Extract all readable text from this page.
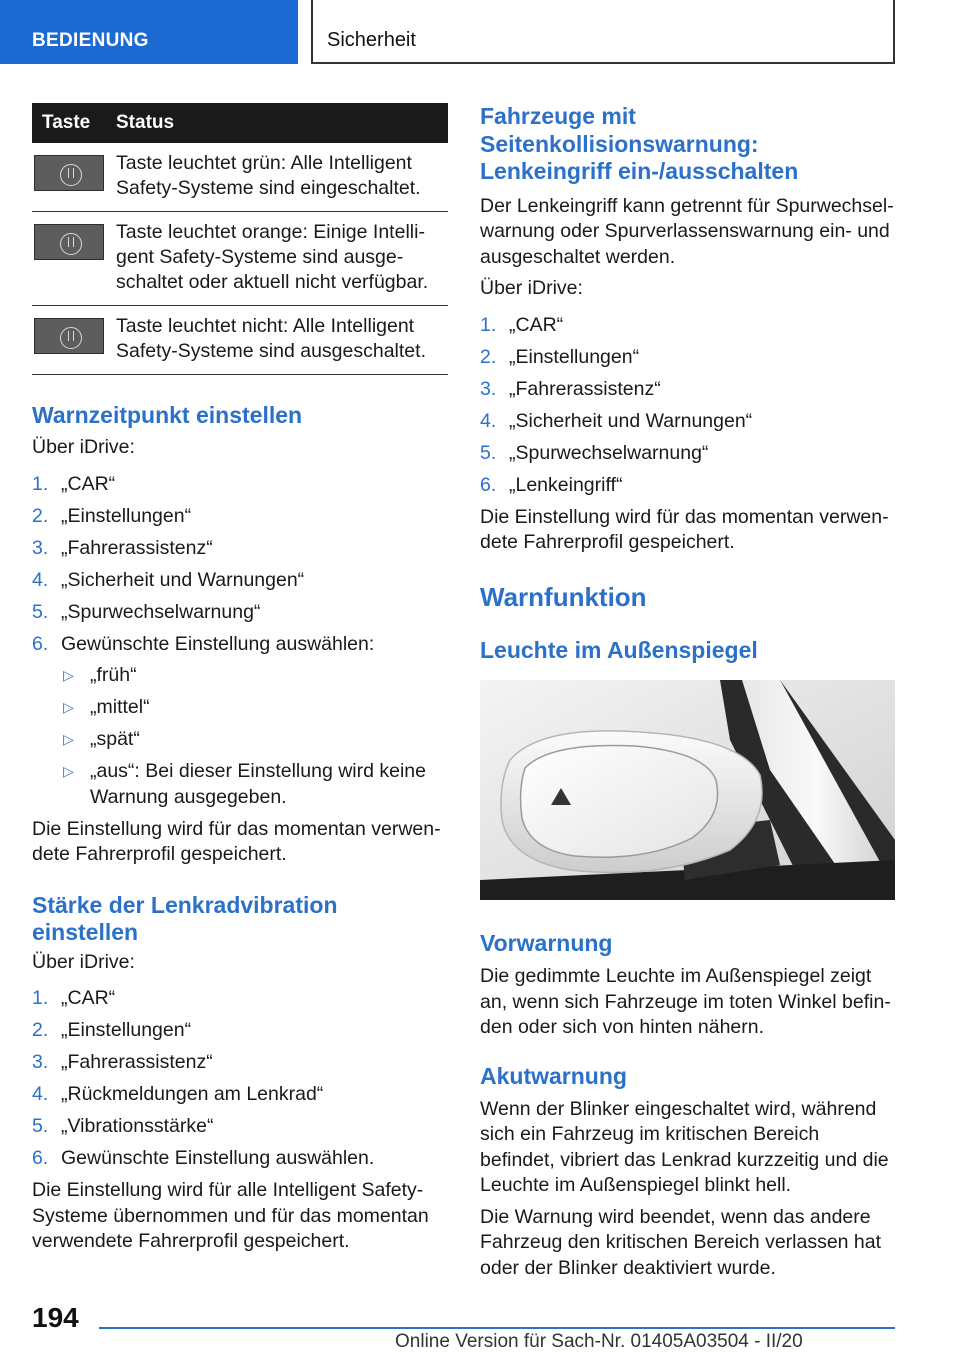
BEDIENUNG	Sicherheit
Taste	Status

	Taste leuchtet grün: Alle Intelligent Safety-Systeme sind eingeschaltet.

	Taste leuchtet orange: Einige Intelli-gent Safety-Systeme sind ausge-schaltet oder aktuell nicht verfügbar.

	Taste leuchtet nicht: Alle Intelligent Safety-Systeme sind ausgeschaltet.
Warnzeitpunkt einstellen

Über iDrive:

1. „CAR“
2. „Einstellungen“
3. „Fahrerassistenz“
4. „Sicherheit und Warnungen“
5. „Spurwechselwarnung“
6. Gewünschte Einstellung auswählen:
▷ „früh“
▷ „mittel“
▷ „spät“
▷ „aus“: Bei dieser Einstellung wird keine Warnung ausgegeben.

Die Einstellung wird für das momentan verwen-dete Fahrerprofil gespeichert.

Stärke der Lenkradvibration einstellen

Über iDrive:

1. „CAR“
2. „Einstellungen“
3. „Fahrerassistenz“
4. „Rückmeldungen am Lenkrad“
5. „Vibrationsstärke“
6. Gewünschte Einstellung auswählen.

Die Einstellung wird für alle Intelligent Safety-Systeme übernommen und für das momentan verwendete Fahrerprofil gespeichert.

Fahrzeuge mit Seitenkollisionswarnung: Lenkeingriff ein-/ausschalten

Der Lenkeingriff kann getrennt für Spurwechsel-warnung oder Spurverlassenswarnung ein- und ausgeschaltet werden.

Über iDrive:

1. „CAR“
2. „Einstellungen“
3. „Fahrerassistenz“
4. „Sicherheit und Warnungen“
5. „Spurwechselwarnung“
6. „Lenkeingriff“

Die Einstellung wird für das momentan verwen-dete Fahrerprofil gespeichert.

Warnfunktion
Leuchte im Außenspiegel
Vorwarnung

Die gedimmte Leuchte im Außenspiegel zeigt an, wenn sich Fahrzeuge im toten Winkel befin-den oder sich von hinten nähern.

Akutwarnung

Wenn der Blinker eingeschaltet wird, während sich ein Fahrzeug im kritischen Bereich befindet, vibriert das Lenkrad kurzzeitig und die Leuchte im Außenspiegel blinkt hell.

Die Warnung wird beendet, wenn das andere Fahrzeug den kritischen Bereich verlassen hat oder der Blinker deaktiviert wurde.

194
Online Version für Sach-Nr. 01405A03504 - II/20
